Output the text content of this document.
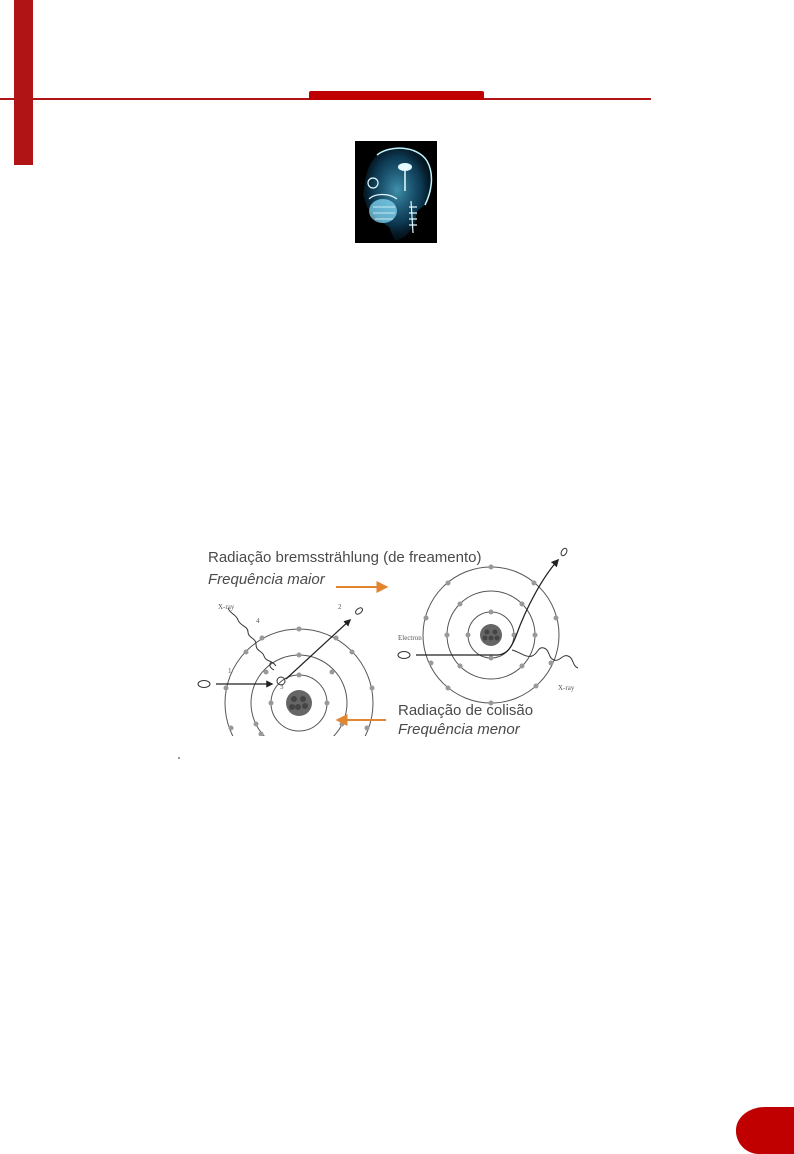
Radiação bremsstrählung (de freamento)
Frequência maior
Radiação de colisão
Frequência menor
X-ray
X-ray
Electron
1
2
3
4
